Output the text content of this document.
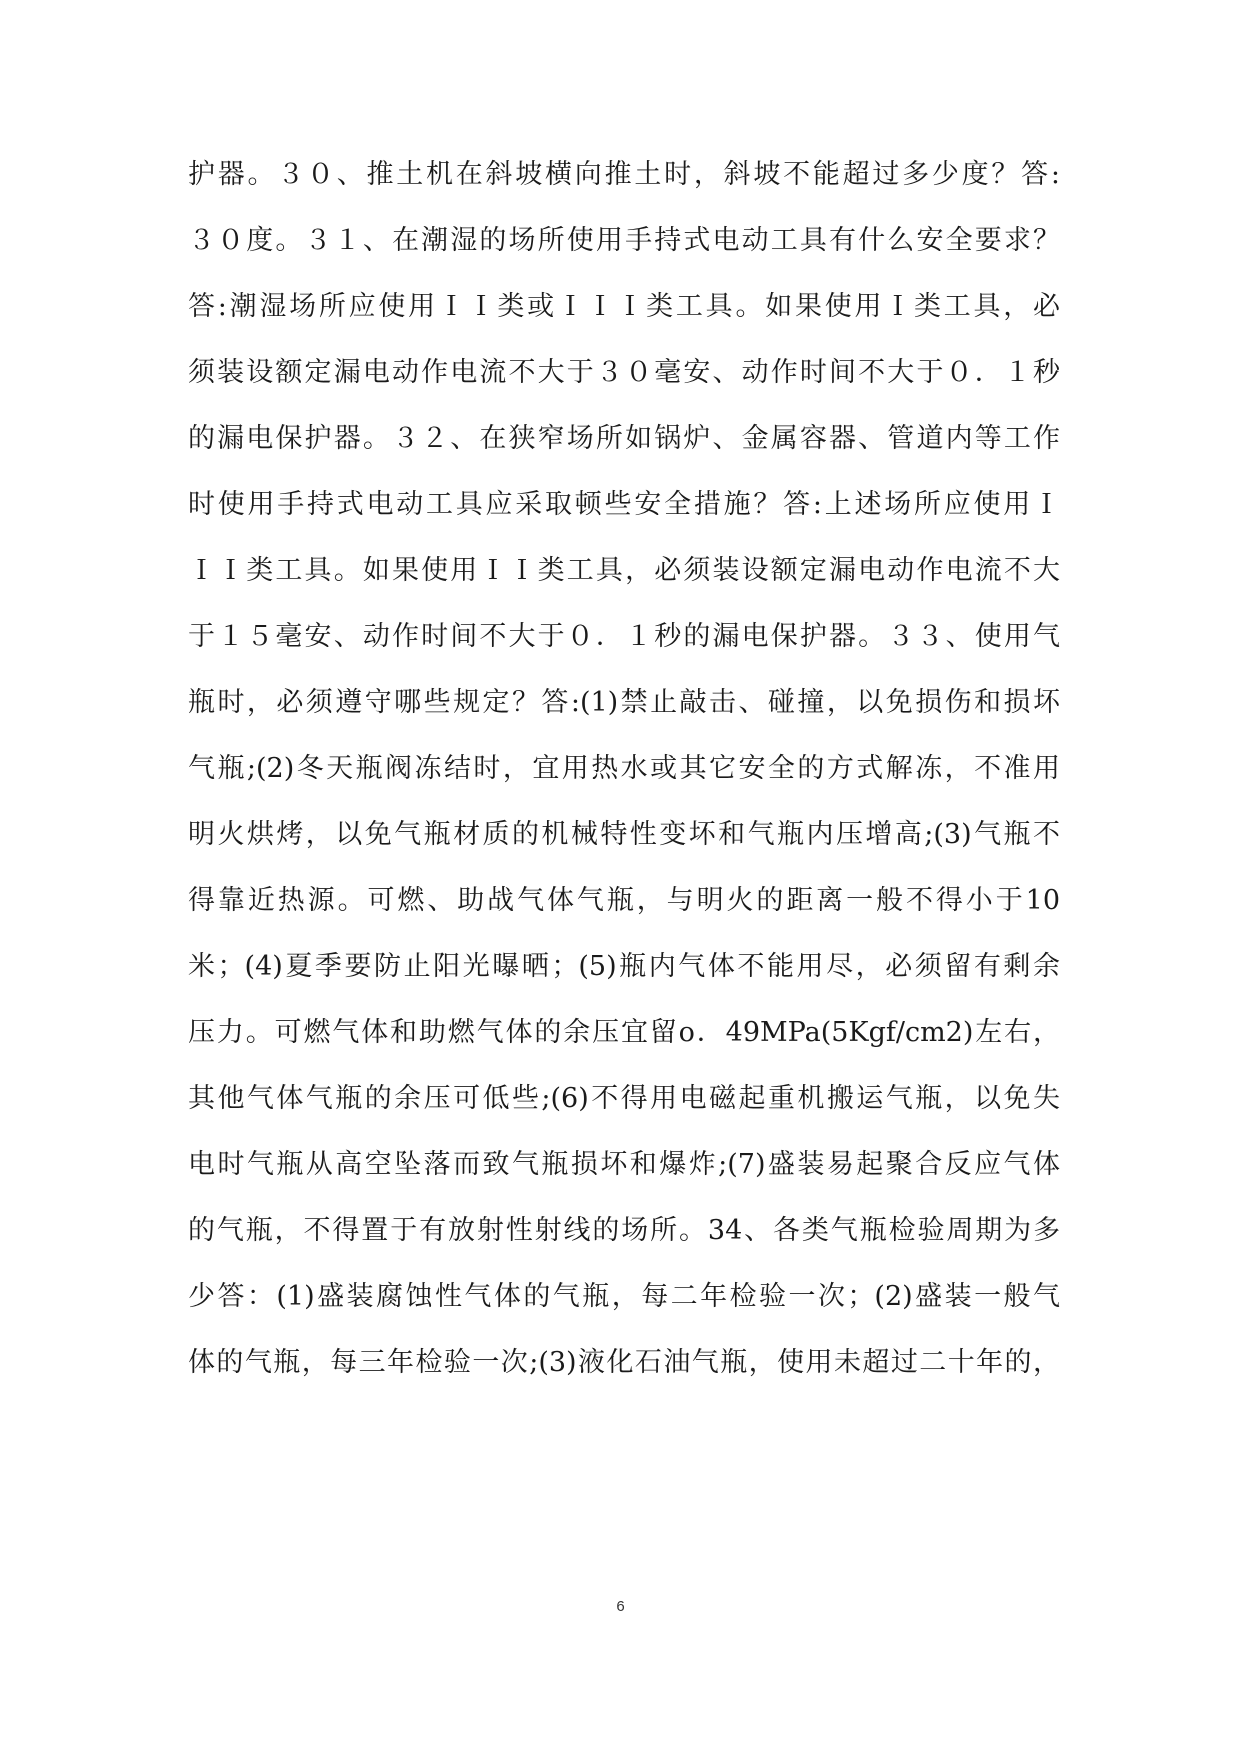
护器。３０、推土机在斜坡横向推土时，斜坡不能超过多少度？答:
３０度。３１、在潮湿的场所使用手持式电动工具有什么安全要求？
答:潮湿场所应使用ＩＩ类或ＩＩＩ类工具。如果使用Ｉ类工具，必
须装设额定漏电动作电流不大于３０毫安、动作时间不大于０．１秒
的漏电保护器。３２、在狭窄场所如锅炉、金属容器、管道内等工作
时使用手持式电动工具应采取顿些安全措施？答:上述场所应使用Ｉ
ＩＩ类工具。如果使用ＩＩ类工具，必须装设额定漏电动作电流不大
于１５毫安、动作时间不大于０．１秒的漏电保护器。３３、使用气
瓶时，必须遵守哪些规定？答:(1)禁止敲击、碰撞，以免损伤和损坏
气瓶;(2)冬天瓶阀冻结时，宜用热水或其它安全的方式解冻，不准用
明火烘烤，以免气瓶材质的机械特性变坏和气瓶内压增高;(3)气瓶不
得靠近热源。可燃、助战气体气瓶，与明火的距离一般不得小于10
米；(4)夏季要防止阳光曝晒；(5)瓶内气体不能用尽，必须留有剩余
压力。可燃气体和助燃气体的余压宜留o．49MPa(5Kgf/cm2)左右，
其他气体气瓶的余压可低些;(6)不得用电磁起重机搬运气瓶，以免失
电时气瓶从高空坠落而致气瓶损坏和爆炸;(7)盛装易起聚合反应气体
的气瓶，不得置于有放射性射线的场所。34、各类气瓶检验周期为多
少答：(1)盛装腐蚀性气体的气瓶，每二年检验一次；(2)盛装一般气
体的气瓶，每三年检验一次;(3)液化石油气瓶，使用未超过二十年的，
6
